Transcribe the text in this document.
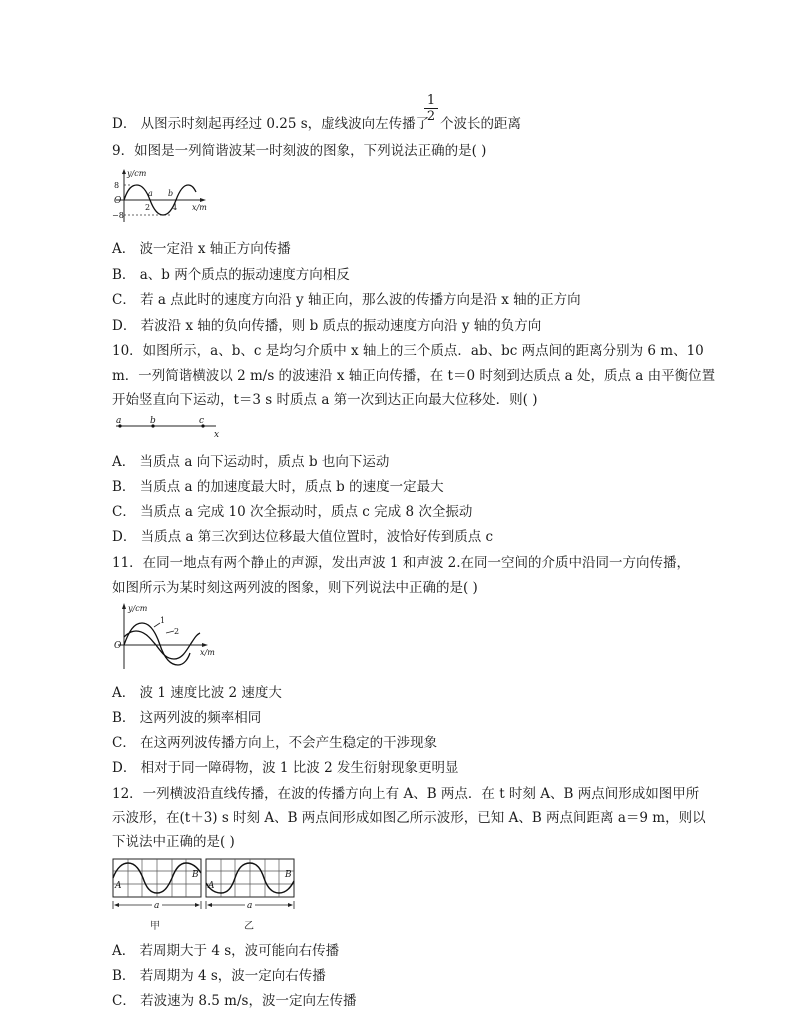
D． 从图示时刻起再经过 0.25 s，虚线波向左传播了
$\frac{1}{2}$
个波长的距离
9．如图是一列简谐波某一时刻波的图象，下列说法正确的是( )
y/cm
8
−8
O
2	4
a b
x/m
A． 波一定沿 x 轴正方向传播
B． a、b 两个质点的振动速度方向相反
C． 若 a 点此时的速度方向沿 y 轴正向，那么波的传播方向是沿 x 轴的正方向
D． 若波沿 x 轴的负向传播，则 b 质点的振动速度方向沿 y 轴的负方向
10．如图所示，a、b、c 是均匀介质中 x 轴上的三个质点．ab、bc 两点间的距离分别为 6 m、10
m．一列简谐横波以 2 m/s 的波速沿 x 轴正向传播，在 t＝0 时刻到达质点 a 处，质点 a 由平衡位置
开始竖直向下运动，t＝3 s 时质点 a 第一次到达正向最大位移处．则( )
a	b	c
x
A． 当质点 a 向下运动时，质点 b 也向下运动
B． 当质点 a 的加速度最大时，质点 b 的速度一定最大
C． 当质点 a 完成 10 次全振动时，质点 c 完成 8 次全振动
D． 当质点 a 第三次到达位移最大值位置时，波恰好传到质点 c
11．在同一地点有两个静止的声源，发出声波 1 和声波 2.在同一空间的介质中沿同一方向传播，
如图所示为某时刻这两列波的图象，则下列说法中正确的是( )
y/cm
O
1
2
x/m
A． 波 1 速度比波 2 速度大
B． 这两列波的频率相同
C． 在这两列波传播方向上，不会产生稳定的干涉现象
D． 相对于同一障碍物，波 1 比波 2 发生衍射现象更明显
12．一列横波沿直线传播，在波的传播方向上有 A、B 两点．在 t 时刻 A、B 两点间形成如图甲所
示波形，在(t＋3) s 时刻 A、B 两点间形成如图乙所示波形，已知 A、B 两点间距离 a＝9 m，则以
下说法中正确的是( )
A
B
A
B
a	a
甲	乙
A． 若周期大于 4 s，波可能向右传播
B． 若周期为 4 s，波一定向右传播
C． 若波速为 8.5 m/s，波一定向左传播
